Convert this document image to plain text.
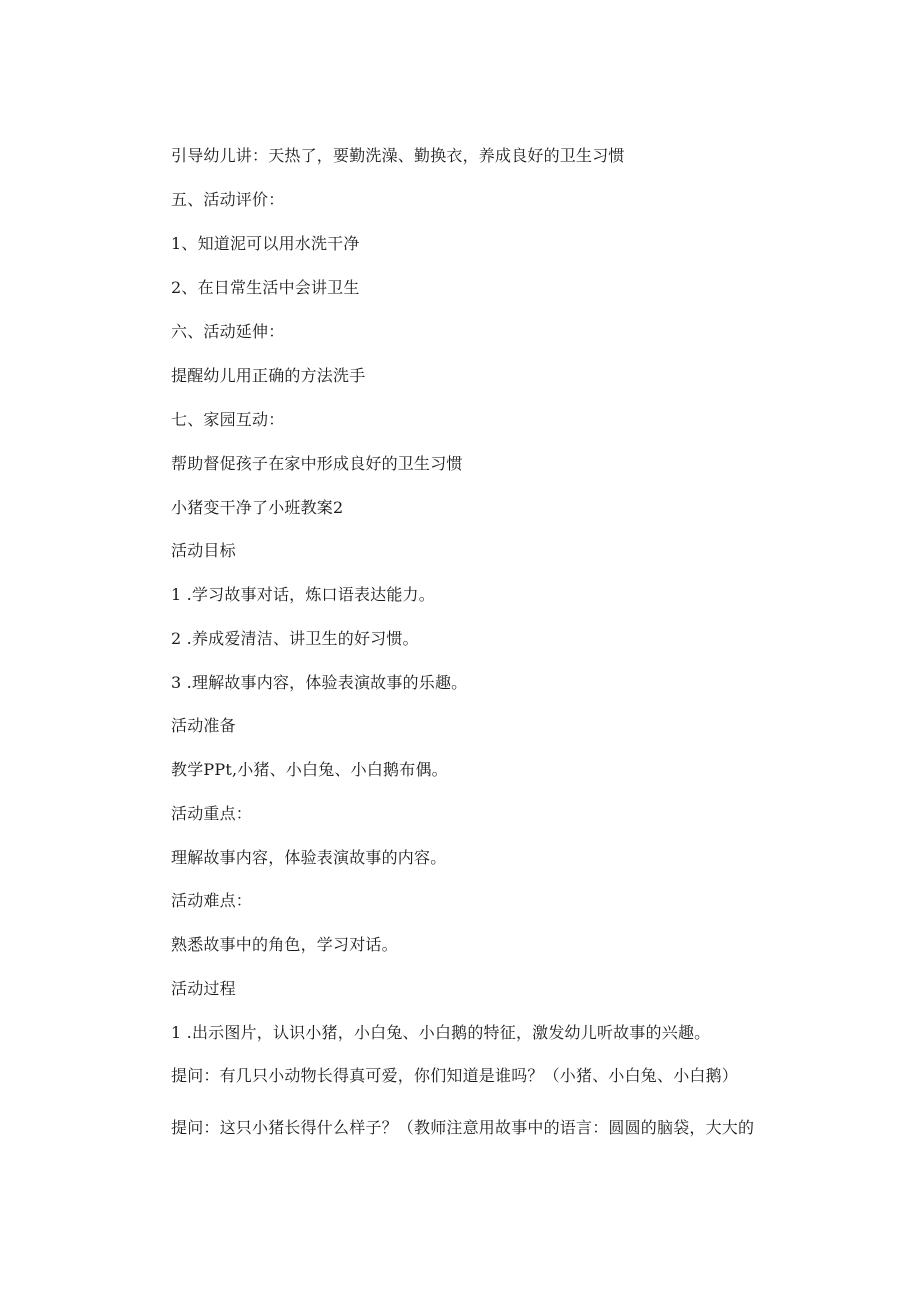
引导幼儿讲：天热了，要勤洗澡、勤换衣，养成良好的卫生习惯
五、活动评价：
1、知道泥可以用水洗干净
2、在日常生活中会讲卫生
六、活动延伸：
提醒幼儿用正确的方法洗手
七、家园互动：
帮助督促孩子在家中形成良好的卫生习惯
小猪变干净了小班教案2
活动目标
1 .学习故事对话，炼口语表达能力。
2 .养成爱清洁、讲卫生的好习惯。
3 .理解故事内容，体验表演故事的乐趣。
活动准备
教学PPt,小猪、小白兔、小白鹅布偶。
活动重点：
理解故事内容，体验表演故事的内容。
活动难点：
熟悉故事中的角色，学习对话。
活动过程
1 .出示图片，认识小猪，小白兔、小白鹅的特征，激发幼儿听故事的兴趣。
提问：有几只小动物长得真可爱，你们知道是谁吗？（小猪、小白兔、小白鹅）
提问：这只小猪长得什么样子？（教师注意用故事中的语言：圆圆的脑袋，大大的
